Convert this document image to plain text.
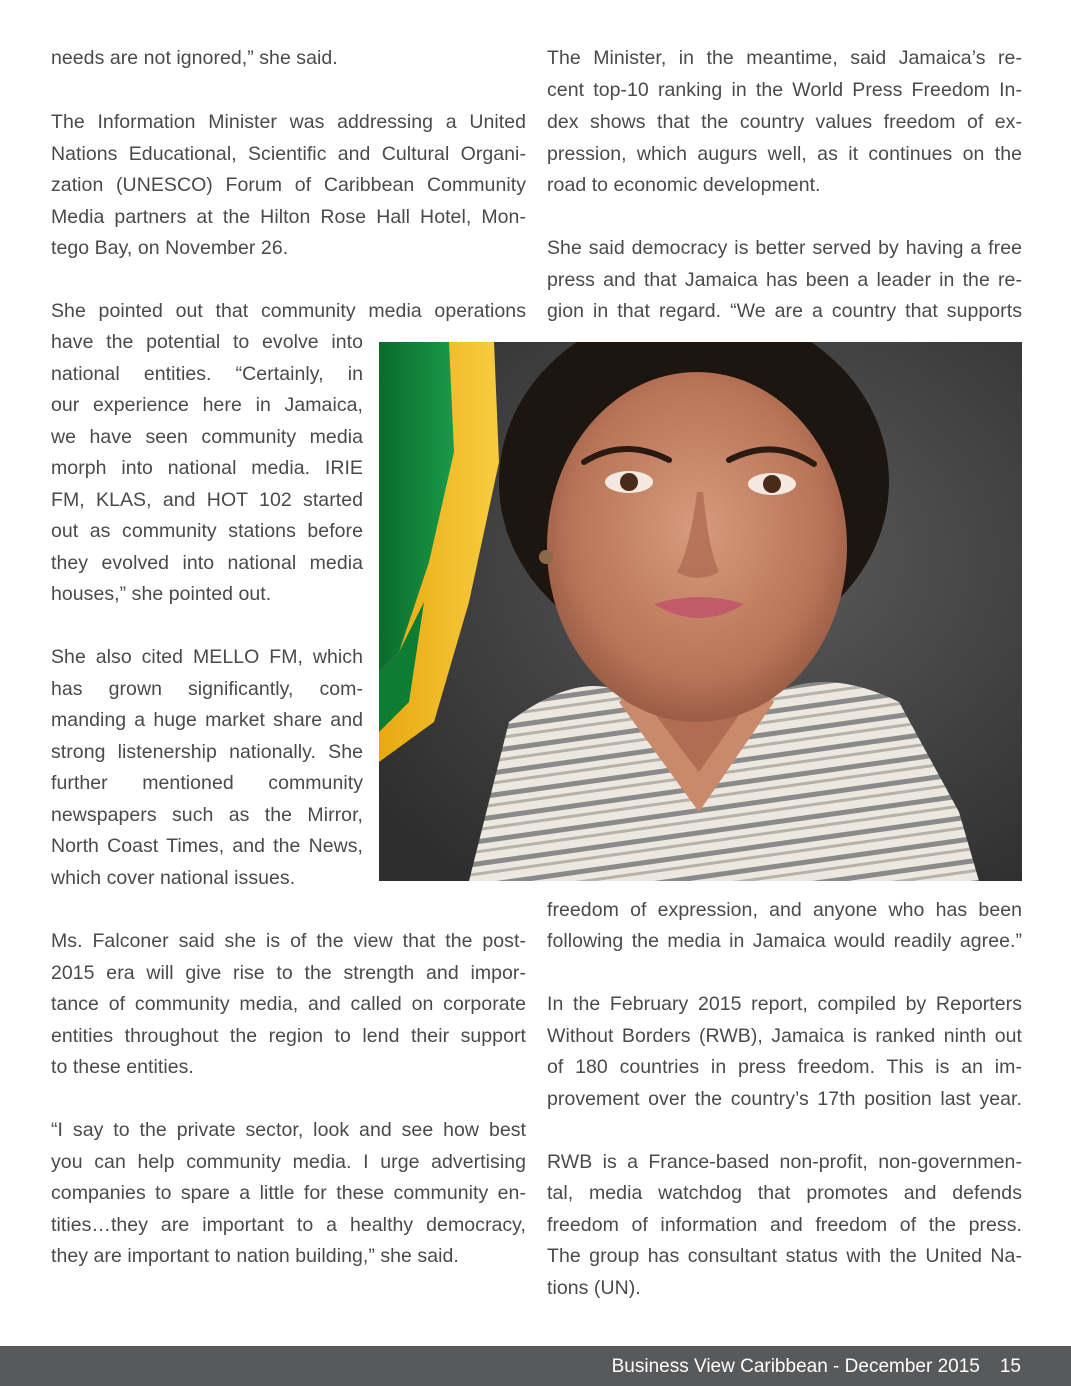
needs are not ignored,” she said.
The Information Minister was addressing a United
Nations Educational, Scientific and Cultural Organi-
zation (UNESCO) Forum of Caribbean Community
Media partners at the Hilton Rose Hall Hotel, Mon-
tego Bay, on November 26.
She pointed out that community media operations
have the potential to evolve into
national entities. “Certainly, in
our experience here in Jamaica,
we have seen community media
morph into national media. IRIE
FM, KLAS, and HOT 102 started
out as community stations before
they evolved into national media
houses,” she pointed out.
She also cited MELLO FM, which
has grown significantly, com-
manding a huge market share and
strong listenership nationally. She
further mentioned community
newspapers such as the Mirror,
North Coast Times, and the News,
which cover national issues.
Ms. Falconer said she is of the view that the post-
2015 era will give rise to the strength and impor-
tance of community media, and called on corporate
entities throughout the region to lend their support
to these entities.
“I say to the private sector, look and see how best
you can help community media. I urge advertising
companies to spare a little for these community en-
tities…they are important to a healthy democracy,
they are important to nation building,” she said.
The Minister, in the meantime, said Jamaica’s re-
cent top-10 ranking in the World Press Freedom In-
dex shows that the country values freedom of ex-
pression, which augurs well, as it continues on the
road to economic development.
She said democracy is better served by having a free
press and that Jamaica has been a leader in the re-
gion in that regard. “We are a country that supports
freedom of expression, and anyone who has been
following the media in Jamaica would readily agree.”
In the February 2015 report, compiled by Reporters
Without Borders (RWB), Jamaica is ranked ninth out
of 180 countries in press freedom. This is an im-
provement over the country’s 17th position last year.
RWB is a France-based non-profit, non-governmen-
tal, media watchdog that promotes and defends
freedom of information and freedom of the press.
The group has consultant status with the United Na-
tions (UN).
Business View Caribbean - December 2015 15
